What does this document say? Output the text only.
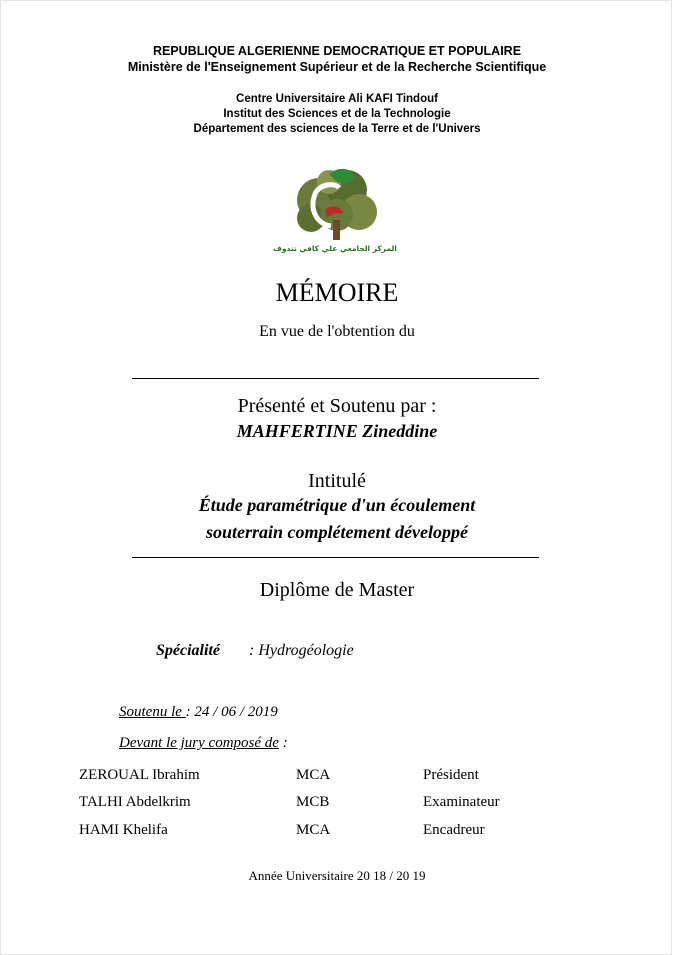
REPUBLIQUE ALGERIENNE DEMOCRATIQUE ET POPULAIRE
Ministère de l'Enseignement Supérieur et de la Recherche Scientifique
Centre Universitaire Ali KAFI Tindouf
Institut des Sciences et de la Technologie
Département des sciences de la Terre et de l'Univers
المركز الجامعي علي كافي تندوف
MÉMOIRE
En vue de l'obtention du
Présenté et Soutenu par :
MAHFERTINE Zineddine
Intitulé
Étude paramétrique d'un écoulement
souterrain complétement développé
Diplôme de Master
Spécialité : Hydrogéologie
Soutenu le : 24 / 06 / 2019
Devant le jury composé de :
ZEROUAL Ibrahim	MCA	Président
TALHI Abdelkrim	MCB	Examinateur
HAMI Khelifa	MCA	Encadreur
Année Universitaire 20 18 / 20 19
